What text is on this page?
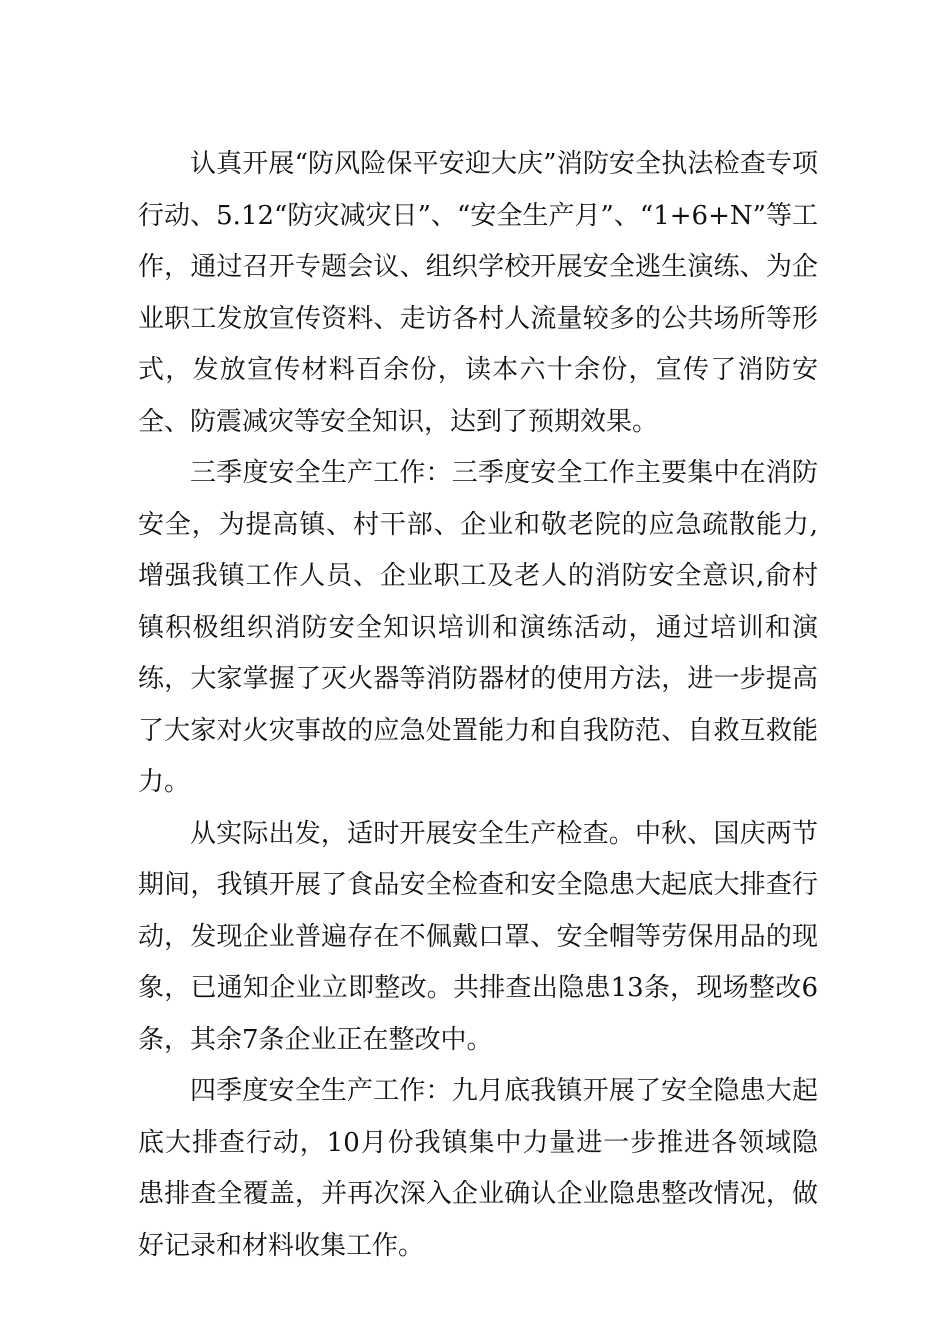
认真开展“防风险保平安迎大庆”消防安全执法检查专项行动、5.12“防灾减灾日”、“安全生产月”、“1+6+N”等工作，通过召开专题会议、组织学校开展安全逃生演练、为企业职工发放宣传资料、走访各村人流量较多的公共场所等形式，发放宣传材料百余份，读本六十余份，宣传了消防安全、防震减灾等安全知识，达到了预期效果。

三季度安全生产工作：三季度安全工作主要集中在消防安全，为提高镇、村干部、企业和敬老院的应急疏散能力,增强我镇工作人员、企业职工及老人的消防安全意识,俞村镇积极组织消防安全知识培训和演练活动，通过培训和演练，大家掌握了灭火器等消防器材的使用方法，进一步提高了大家对火灾事故的应急处置能力和自我防范、自救互救能力。

从实际出发，适时开展安全生产检查。中秋、国庆两节期间，我镇开展了食品安全检查和安全隐患大起底大排查行动，发现企业普遍存在不佩戴口罩、安全帽等劳保用品的现象，已通知企业立即整改。共排查出隐患13条，现场整改6条，其余7条企业正在整改中。

四季度安全生产工作：九月底我镇开展了安全隐患大起底大排查行动，10月份我镇集中力量进一步推进各领域隐患排查全覆盖，并再次深入企业确认企业隐患整改情况，做好记录和材料收集工作。
